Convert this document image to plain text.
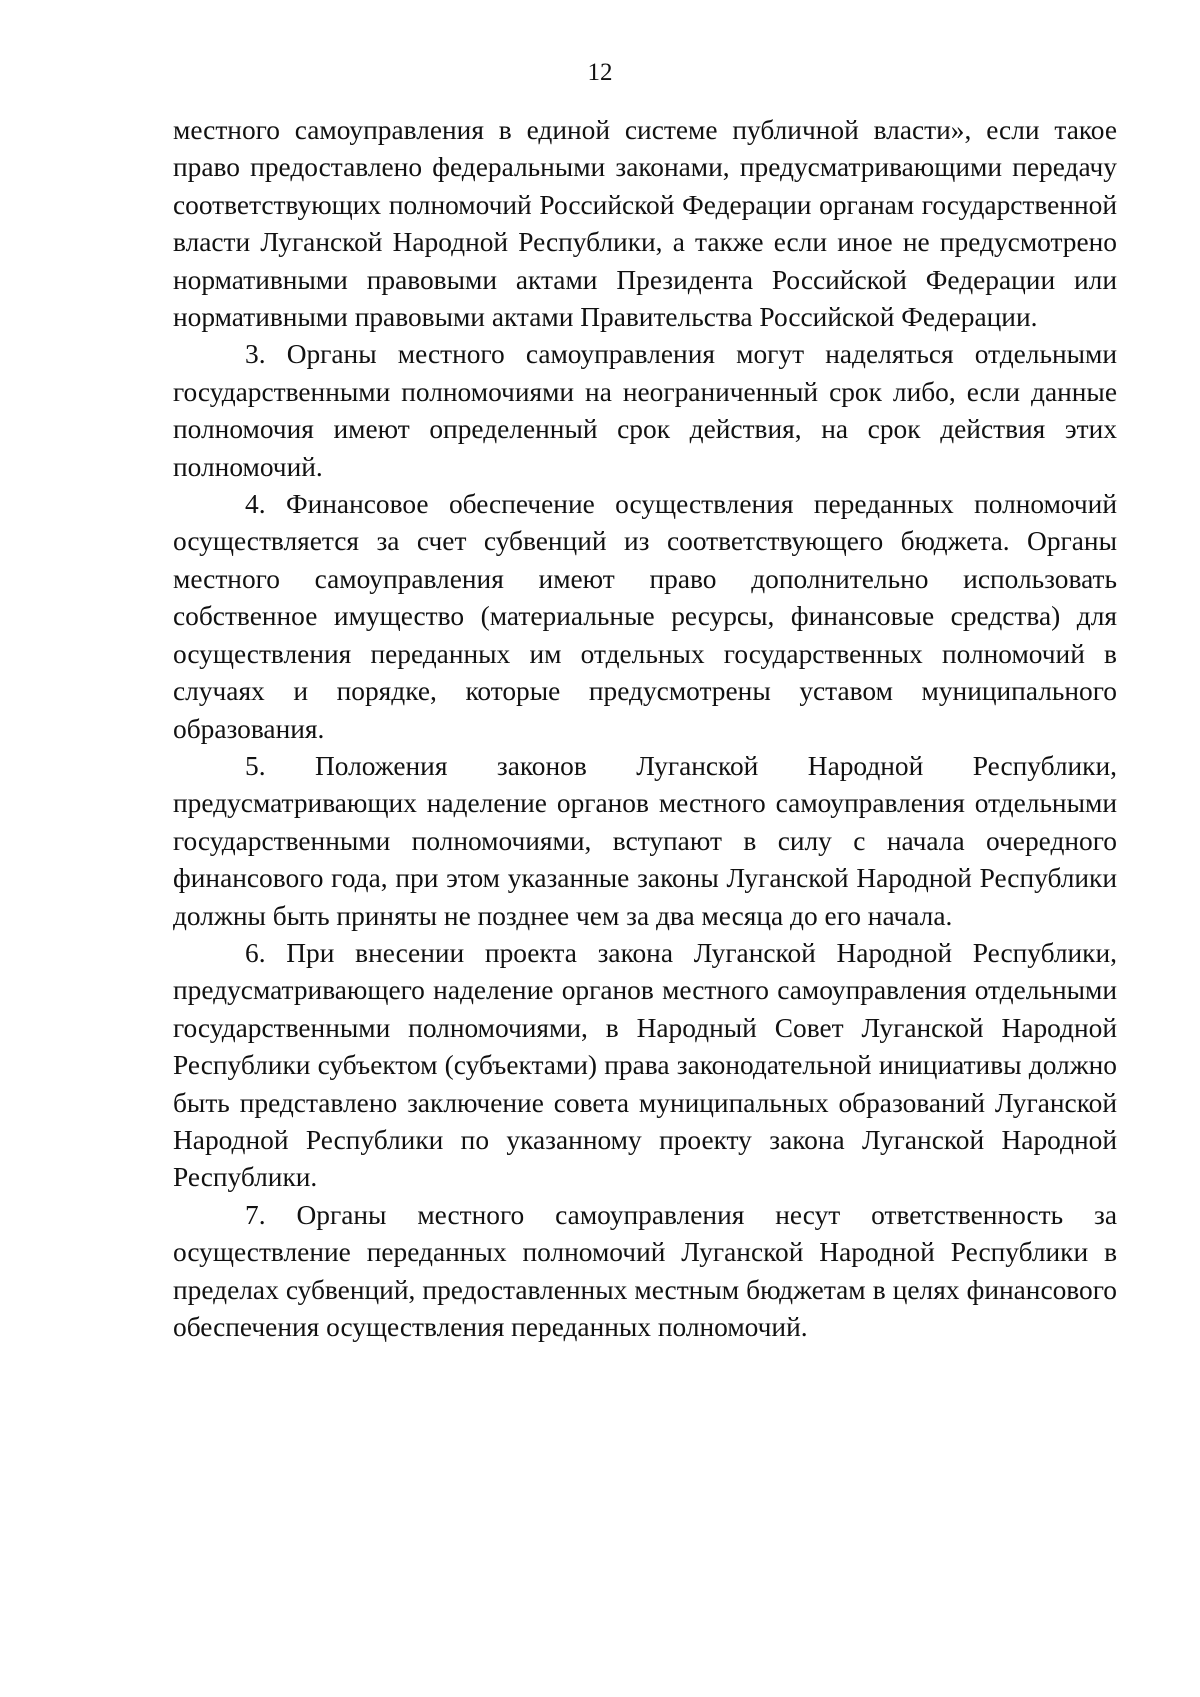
12

местного самоуправления в единой системе публичной власти», если такое право предоставлено федеральными законами, предусматривающими передачу соответствующих полномочий Российской Федерации органам государственной власти Луганской Народной Республики, а также если иное не предусмотрено нормативными правовыми актами Президента Российской Федерации или нормативными правовыми актами Правительства Российской Федерации.

3. Органы местного самоуправления могут наделяться отдельными государственными полномочиями на неограниченный срок либо, если данные полномочия имеют определенный срок действия, на срок действия этих полномочий.

4. Финансовое обеспечение осуществления переданных полномочий осуществляется за счет субвенций из соответствующего бюджета. Органы местного самоуправления имеют право дополнительно использовать собственное имущество (материальные ресурсы, финансовые средства) для осуществления переданных им отдельных государственных полномочий в случаях и порядке, которые предусмотрены уставом муниципального образования.

5. Положения законов Луганской Народной Республики, предусматривающих наделение органов местного самоуправления отдельными государственными полномочиями, вступают в силу с начала очередного финансового года, при этом указанные законы Луганской Народной Республики должны быть приняты не позднее чем за два месяца до его начала.

6. При внесении проекта закона Луганской Народной Республики, предусматривающего наделение органов местного самоуправления отдельными государственными полномочиями, в Народный Совет Луганской Народной Республики субъектом (субъектами) права законодательной инициативы должно быть представлено заключение совета муниципальных образований Луганской Народной Республики по указанному проекту закона Луганской Народной Республики.

7. Органы местного самоуправления несут ответственность за осуществление переданных полномочий Луганской Народной Республики в пределах субвенций, предоставленных местным бюджетам в целях финансового обеспечения осуществления переданных полномочий.
